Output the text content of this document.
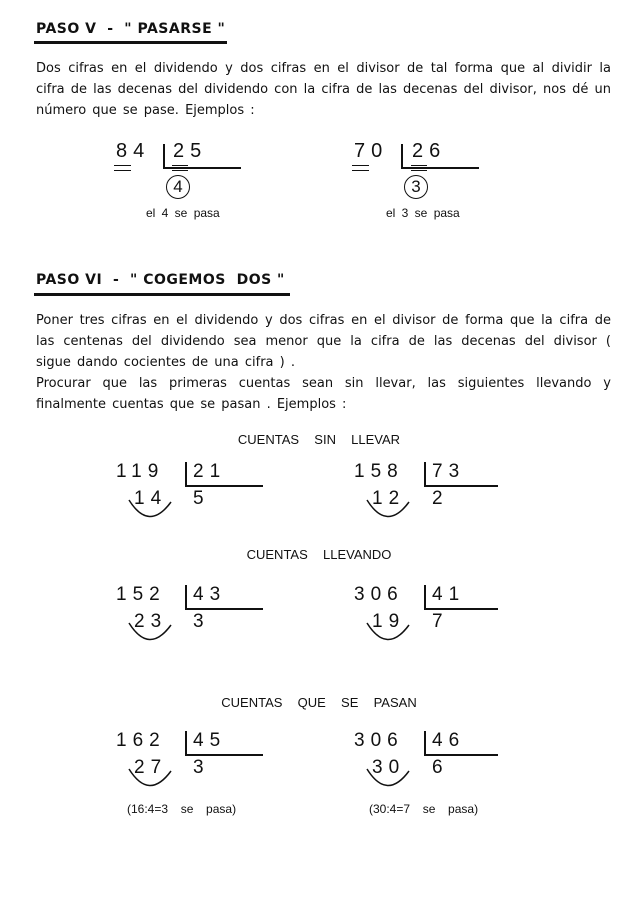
PASO V  -  " PASARSE "

Dos cifras en el dividendo y dos cifras en el divisor de tal forma que al dividir la cifra de las decenas del dividendo con la cifra de las decenas del divisor, nos dé un número que se pase. Ejemplos :

84 25
4
el 4 se pasa
70 26
3
el 3 se pasa
PASO VI  -  " COGEMOS  DOS "

Poner tres cifras en el dividendo y dos cifras en el divisor de forma que la cifra de las centenas del dividendo sea menor que la cifra de las decenas del divisor ( sigue dando cocientes de una cifra ) .

Procurar que las primeras cuentas sean sin llevar, las siguientes llevando y finalmente cuentas que se pasan . Ejemplos :

CUENTAS  SIN  LLEVAR
119 21
14 5
158 73
12 2
CUENTAS  LLEVANDO
152 43
23 3
306 41
19 7
CUENTAS  QUE  SE  PASAN
162 45
27 3
(16:4=3  se  pasa)
306 46
30 6
(30:4=7  se  pasa)
